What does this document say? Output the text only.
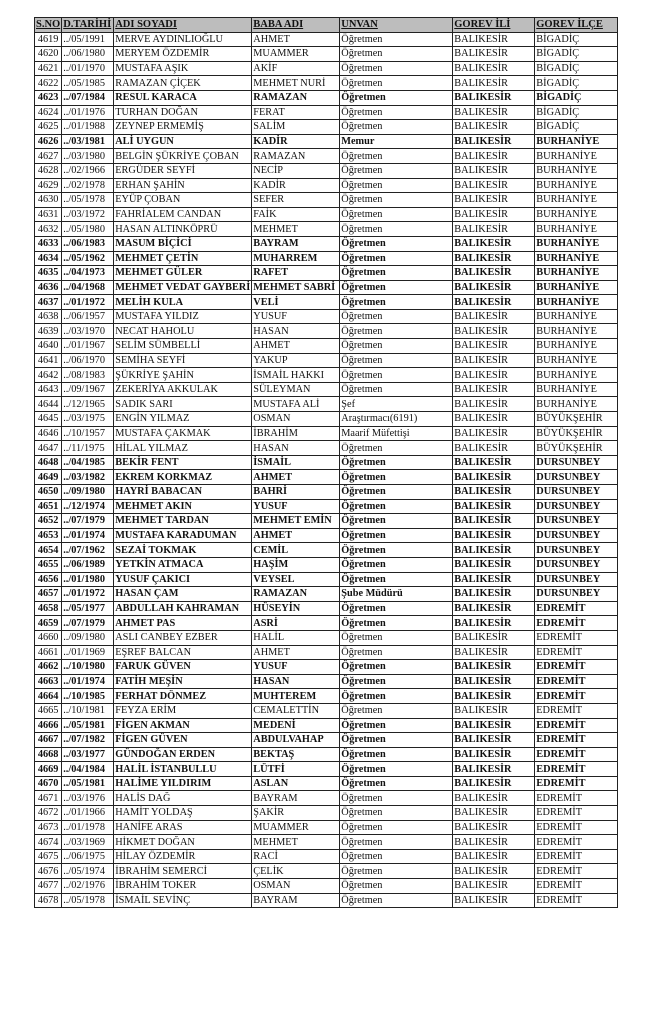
S.NO	D.TARİHİ	ADI SOYADI	BABA ADI	UNVAN	GOREV İLİ	GOREV İLÇE
4619	../05/1991	MERVE AYDINLIOĞLU	AHMET	Öğretmen	BALIKESİR	BİGADİÇ
4620	../06/1980	MERYEM ÖZDEMİR	MUAMMER	Öğretmen	BALIKESİR	BİGADİÇ
4621	../01/1970	MUSTAFA AŞIK	AKİF	Öğretmen	BALIKESİR	BİGADİÇ
4622	../05/1985	RAMAZAN ÇİÇEK	MEHMET NURİ	Öğretmen	BALIKESİR	BİGADİÇ
4623	../07/1984	RESUL KARACA	RAMAZAN	Öğretmen	BALIKESİR	BİGADİÇ
4624	../01/1976	TURHAN DOĞAN	FERAT	Öğretmen	BALIKESİR	BİGADİÇ
4625	../01/1988	ZEYNEP ERMEMİŞ	SALİM	Öğretmen	BALIKESİR	BİGADİÇ
4626	../03/1981	ALİ UYGUN	KADİR	Memur	BALIKESİR	BURHANİYE
4627	../03/1980	BELGİN ŞÜKRİYE ÇOBAN	RAMAZAN	Öğretmen	BALIKESİR	BURHANİYE
4628	../02/1966	ERGÜDER SEYFİ	NECİP	Öğretmen	BALIKESİR	BURHANİYE
4629	../02/1978	ERHAN ŞAHİN	KADİR	Öğretmen	BALIKESİR	BURHANİYE
4630	../05/1978	EYÜP ÇOBAN	SEFER	Öğretmen	BALIKESİR	BURHANİYE
4631	../03/1972	FAHRİALEM CANDAN	FAİK	Öğretmen	BALIKESİR	BURHANİYE
4632	../05/1980	HASAN ALTINKÖPRÜ	MEHMET	Öğretmen	BALIKESİR	BURHANİYE
4633	../06/1983	MASUM BİÇİCİ	BAYRAM	Öğretmen	BALIKESİR	BURHANİYE
4634	../05/1962	MEHMET ÇETİN	MUHARREM	Öğretmen	BALIKESİR	BURHANİYE
4635	../04/1973	MEHMET GÜLER	RAFET	Öğretmen	BALIKESİR	BURHANİYE
4636	../04/1968	MEHMET VEDAT GAYBERİ	MEHMET SABRİ	Öğretmen	BALIKESİR	BURHANİYE
4637	../01/1972	MELİH KULA	VELİ	Öğretmen	BALIKESİR	BURHANİYE
4638	../06/1957	MUSTAFA YILDIZ	YUSUF	Öğretmen	BALIKESİR	BURHANİYE
4639	../03/1970	NECAT HAHOLU	HASAN	Öğretmen	BALIKESİR	BURHANİYE
4640	../01/1967	SELİM SÜMBELLİ	AHMET	Öğretmen	BALIKESİR	BURHANİYE
4641	../06/1970	SEMİHA SEYFİ	YAKUP	Öğretmen	BALIKESİR	BURHANİYE
4642	../08/1983	ŞÜKRİYE ŞAHİN	İSMAİL HAKKI	Öğretmen	BALIKESİR	BURHANİYE
4643	../09/1967	ZEKERİYA AKKULAK	SÜLEYMAN	Öğretmen	BALIKESİR	BURHANİYE
4644	../12/1965	SADIK SARI	MUSTAFA ALİ	Şef	BALIKESİR	BURHANİYE
4645	../03/1975	ENGİN YILMAZ	OSMAN	Araştırmacı(6191)	BALIKESİR	BÜYÜKŞEHİR
4646	../10/1957	MUSTAFA ÇAKMAK	İBRAHİM	Maarif Müfettişi	BALIKESİR	BÜYÜKŞEHİR
4647	../11/1975	HİLAL YILMAZ	HASAN	Öğretmen	BALIKESİR	BÜYÜKŞEHİR
4648	../04/1985	BEKİR FENT	İSMAİL	Öğretmen	BALIKESİR	DURSUNBEY
4649	../03/1982	EKREM KORKMAZ	AHMET	Öğretmen	BALIKESİR	DURSUNBEY
4650	../09/1980	HAYRİ BABACAN	BAHRİ	Öğretmen	BALIKESİR	DURSUNBEY
4651	../12/1974	MEHMET AKIN	YUSUF	Öğretmen	BALIKESİR	DURSUNBEY
4652	../07/1979	MEHMET TARDAN	MEHMET EMİN	Öğretmen	BALIKESİR	DURSUNBEY
4653	../01/1974	MUSTAFA KARADUMAN	AHMET	Öğretmen	BALIKESİR	DURSUNBEY
4654	../07/1962	SEZAİ TOKMAK	CEMİL	Öğretmen	BALIKESİR	DURSUNBEY
4655	../06/1989	YETKİN ATMACA	HAŞİM	Öğretmen	BALIKESİR	DURSUNBEY
4656	../01/1980	YUSUF ÇAKICI	VEYSEL	Öğretmen	BALIKESİR	DURSUNBEY
4657	../01/1972	HASAN ÇAM	RAMAZAN	Şube Müdürü	BALIKESİR	DURSUNBEY
4658	../05/1977	ABDULLAH KAHRAMAN	HÜSEYİN	Öğretmen	BALIKESİR	EDREMİT
4659	../07/1979	AHMET PAS	ASRİ	Öğretmen	BALIKESİR	EDREMİT
4660	../09/1980	ASLI CANBEY EZBER	HALİL	Öğretmen	BALIKESİR	EDREMİT
4661	../01/1969	EŞREF BALCAN	AHMET	Öğretmen	BALIKESİR	EDREMİT
4662	../10/1980	FARUK GÜVEN	YUSUF	Öğretmen	BALIKESİR	EDREMİT
4663	../01/1974	FATİH MEŞİN	HASAN	Öğretmen	BALIKESİR	EDREMİT
4664	../10/1985	FERHAT DÖNMEZ	MUHTEREM	Öğretmen	BALIKESİR	EDREMİT
4665	../10/1981	FEYZA ERİM	CEMALETTİN	Öğretmen	BALIKESİR	EDREMİT
4666	../05/1981	FİGEN AKMAN	MEDENİ	Öğretmen	BALIKESİR	EDREMİT
4667	../07/1982	FİGEN GÜVEN	ABDULVAHAP	Öğretmen	BALIKESİR	EDREMİT
4668	../03/1977	GÜNDOĞAN ERDEN	BEKTAŞ	Öğretmen	BALIKESİR	EDREMİT
4669	../04/1984	HALİL İSTANBULLU	LÜTFİ	Öğretmen	BALIKESİR	EDREMİT
4670	../05/1981	HALİME YILDIRIM	ASLAN	Öğretmen	BALIKESİR	EDREMİT
4671	../03/1976	HALİS DAĞ	BAYRAM	Öğretmen	BALIKESİR	EDREMİT
4672	../01/1966	HAMİT YOLDAŞ	ŞAKİR	Öğretmen	BALIKESİR	EDREMİT
4673	../01/1978	HANİFE ARAS	MUAMMER	Öğretmen	BALIKESİR	EDREMİT
4674	../03/1969	HİKMET DOĞAN	MEHMET	Öğretmen	BALIKESİR	EDREMİT
4675	../06/1975	HİLAY ÖZDEMİR	RACİ	Öğretmen	BALIKESİR	EDREMİT
4676	../05/1974	İBRAHİM SEMERCİ	ÇELİK	Öğretmen	BALIKESİR	EDREMİT
4677	../02/1976	İBRAHİM TOKER	OSMAN	Öğretmen	BALIKESİR	EDREMİT
4678	../05/1978	İSMAİL SEVİNÇ	BAYRAM	Öğretmen	BALIKESİR	EDREMİT
